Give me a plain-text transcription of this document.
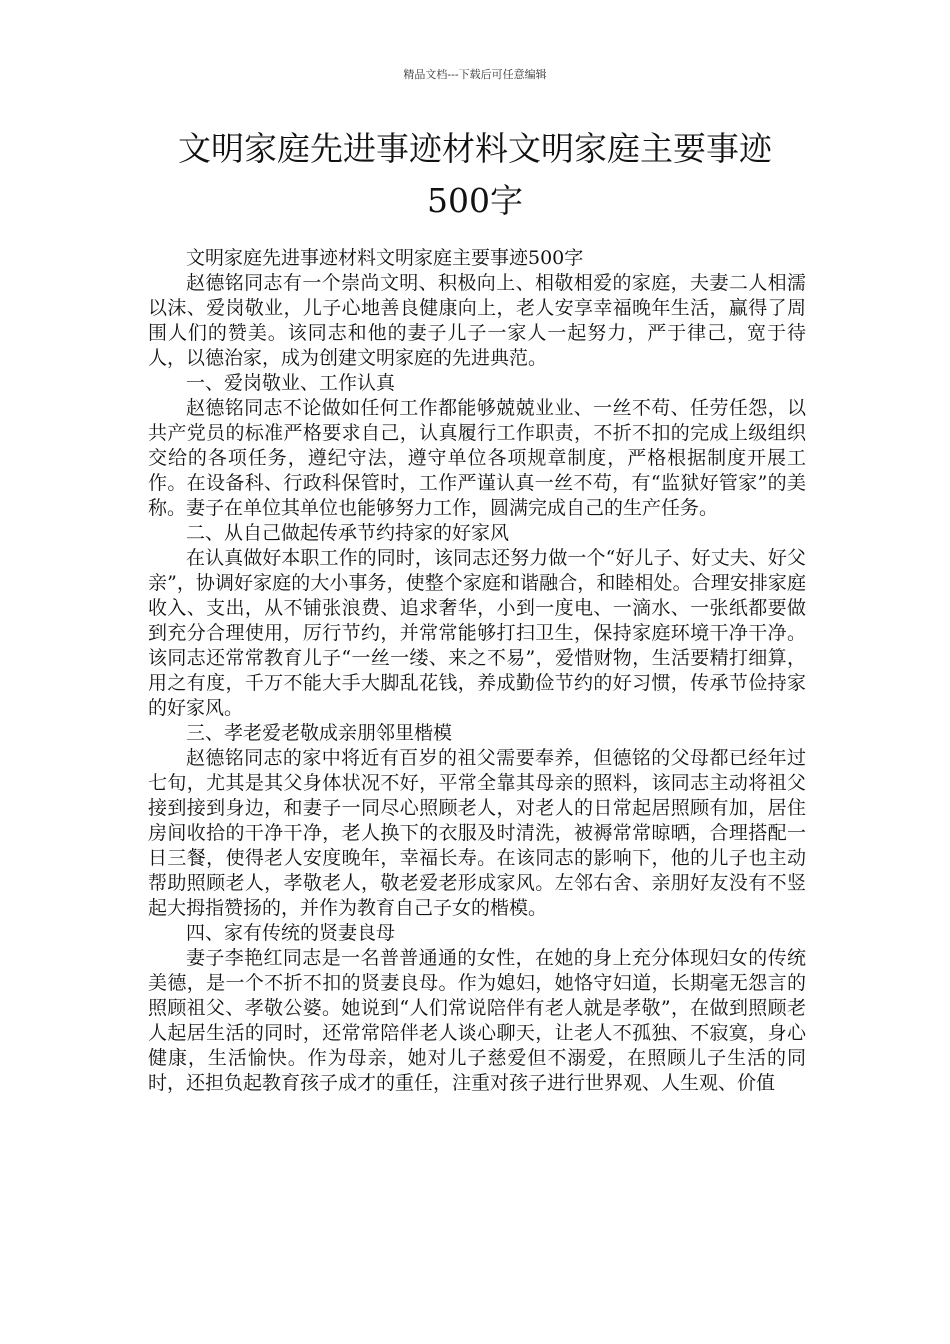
精品文档---下载后可任意编辑
文明家庭先进事迹材料文明家庭主要事迹500字

文明家庭先进事迹材料文明家庭主要事迹500字

赵德铭同志有一个崇尚文明、积极向上、相敬相爱的家庭，夫妻二人相濡以沫、爱岗敬业，儿子心地善良健康向上，老人安享幸福晚年生活，赢得了周围人们的赞美。该同志和他的妻子儿子一家人一起努力，严于律己，宽于待人，以德治家，成为创建文明家庭的先进典范。

一、爱岗敬业、工作认真

赵德铭同志不论做如任何工作都能够兢兢业业、一丝不苟、任劳任怨，以共产党员的标准严格要求自己，认真履行工作职责，不折不扣的完成上级组织交给的各项任务，遵纪守法，遵守单位各项规章制度，严格根据制度开展工作。在设备科、行政科保管时，工作严谨认真一丝不苟，有“监狱好管家”的美称。妻子在单位其单位也能够努力工作，圆满完成自己的生产任务。

二、从自己做起传承节约持家的好家风

在认真做好本职工作的同时，该同志还努力做一个“好儿子、好丈夫、好父亲”，协调好家庭的大小事务，使整个家庭和谐融合，和睦相处。合理安排家庭收入、支出，从不铺张浪费、追求奢华，小到一度电、一滴水、一张纸都要做到充分合理使用，厉行节约，并常常能够打扫卫生，保持家庭环境干净干净。该同志还常常教育儿子“一丝一缕、来之不易”，爱惜财物，生活要精打细算，用之有度，千万不能大手大脚乱花钱，养成勤俭节约的好习惯，传承节俭持家的好家风。

三、孝老爱老敬成亲朋邻里楷模

赵德铭同志的家中将近有百岁的祖父需要奉养，但德铭的父母都已经年过七旬，尤其是其父身体状况不好，平常全靠其母亲的照料，该同志主动将祖父接到接到身边，和妻子一同尽心照顾老人，对老人的日常起居照顾有加，居住房间收拾的干净干净，老人换下的衣服及时清洗，被褥常常晾晒，合理搭配一日三餐，使得老人安度晚年，幸福长寿。在该同志的影响下，他的儿子也主动帮助照顾老人，孝敬老人，敬老爱老形成家风。左邻右舍、亲朋好友没有不竖起大拇指赞扬的，并作为教育自己子女的楷模。

四、家有传统的贤妻良母

妻子李艳红同志是一名普普通通的女性，在她的身上充分体现妇女的传统美德，是一个不折不扣的贤妻良母。作为媳妇，她恪守妇道，长期毫无怨言的照顾祖父、孝敬公婆。她说到“人们常说陪伴有老人就是孝敬”，在做到照顾老人起居生活的同时，还常常陪伴老人谈心聊天，让老人不孤独、不寂寞，身心健康，生活愉快。作为母亲，她对儿子慈爱但不溺爱，在照顾儿子生活的同时，还担负起教育孩子成才的重任，注重对孩子进行世界观、人生观、价值
